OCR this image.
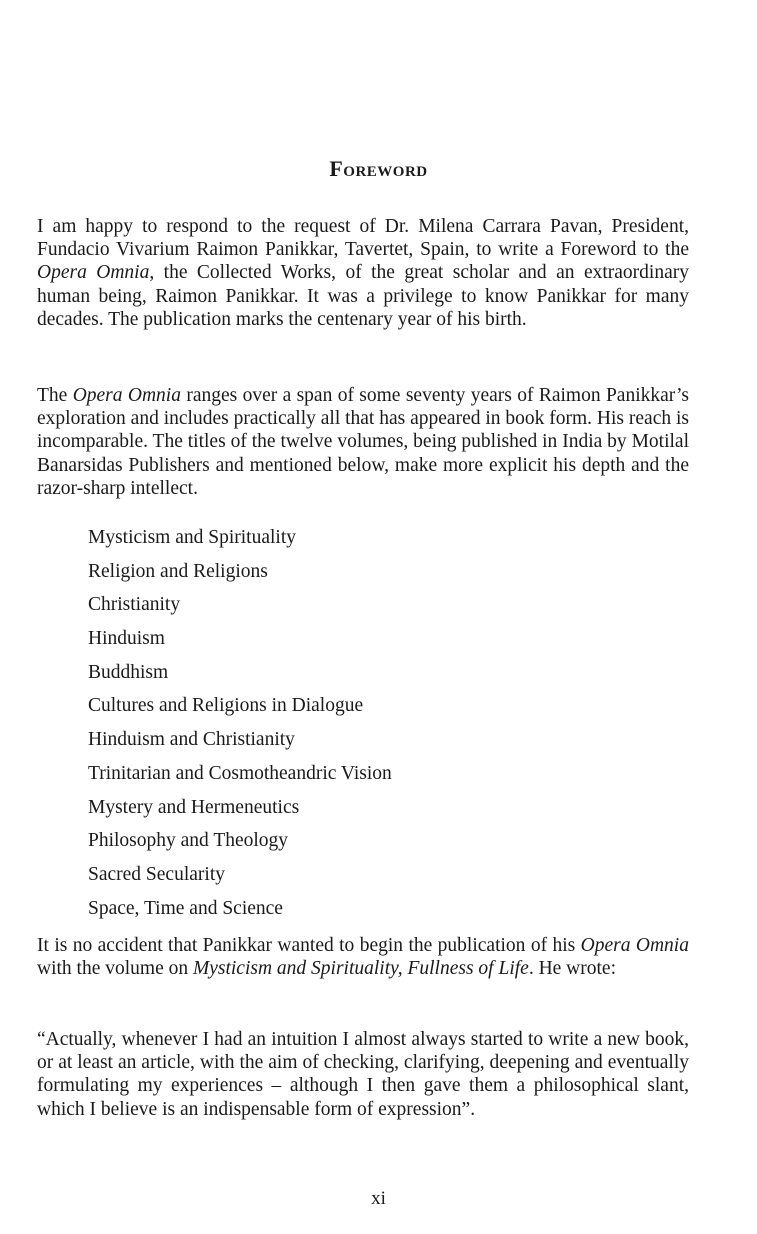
Foreword

I am happy to respond to the request of Dr. Milena Carrara Pavan, President, Fundacio Vivarium Raimon Panikkar, Tavertet, Spain, to write a Foreword to the Opera Omnia, the Collected Works, of the great scholar and an extraordinary human being, Raimon Panikkar. It was a privilege to know Panikkar for many decades. The publication marks the centenary year of his birth.

The Opera Omnia ranges over a span of some seventy years of Raimon Panikkar’s exploration and includes practically all that has appeared in book form. His reach is incomparable. The titles of the twelve volumes, being published in India by Motilal Banarsidas Publishers and mentioned below, make more explicit his depth and the razor-sharp intellect.

Mysticism and Spirituality
Religion and Religions
Christianity
Hinduism
Buddhism
Cultures and Religions in Dialogue
Hinduism and Christianity
Trinitarian and Cosmotheandric Vision
Mystery and Hermeneutics
Philosophy and Theology
Sacred Secularity
Space, Time and Science

It is no accident that Panikkar wanted to begin the publication of his Opera Omnia with the volume on Mysticism and Spirituality, Fullness of Life. He wrote:

“Actually, whenever I had an intuition I almost always started to write a new book, or at least an article, with the aim of checking, clarifying, deepening and eventually formulating my experiences – although I then gave them a philosophical slant, which I believe is an indispensable form of expression”.

xi
